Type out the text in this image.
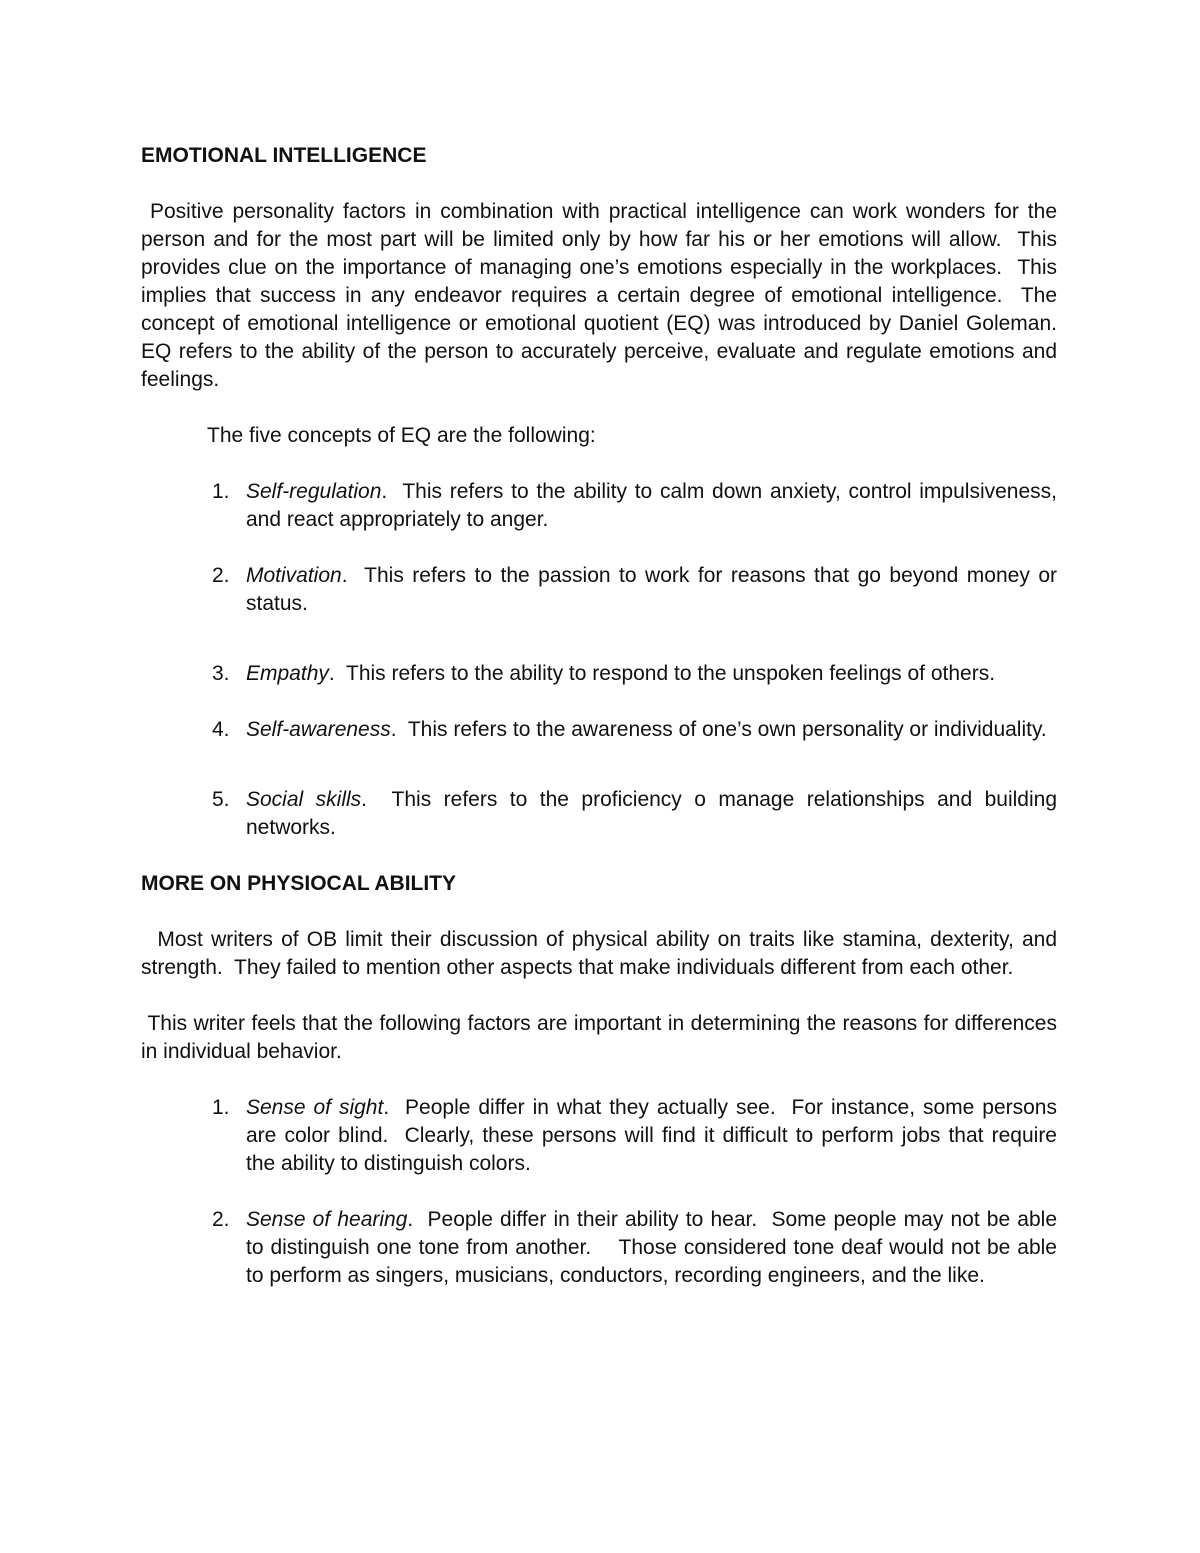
EMOTIONAL INTELLIGENCE

Positive personality factors in combination with practical intelligence can work wonders for the person and for the most part will be limited only by how far his or her emotions will allow.  This provides clue on the importance of managing one’s emotions especially in the workplaces.  This implies that success in any endeavor requires a certain degree of emotional intelligence.  The concept of emotional intelligence or emotional quotient (EQ) was introduced by Daniel Goleman.  EQ refers to the ability of the person to accurately perceive, evaluate and regulate emotions and feelings.

The five concepts of EQ are the following:

1. Self-regulation.  This refers to the ability to calm down anxiety, control impulsiveness, and react appropriately to anger.
2. Motivation.  This refers to the passion to work for reasons that go beyond money or status.
3. Empathy.  This refers to the ability to respond to the unspoken feelings of others.
4. Self-awareness.  This refers to the awareness of one’s own personality or individuality.
5. Social skills.  This refers to the proficiency o manage relationships and building networks.
MORE ON PHYSIOCAL ABILITY

Most writers of OB limit their discussion of physical ability on traits like stamina, dexterity, and strength.  They failed to mention other aspects that make individuals different from each other.

This writer feels that the following factors are important in determining the reasons for differences in individual behavior.

1. Sense of sight.  People differ in what they actually see.  For instance, some persons are color blind.  Clearly, these persons will find it difficult to perform jobs that require the ability to distinguish colors.
2. Sense of hearing.  People differ in their ability to hear.  Some people may not be able to distinguish one tone from another.    Those considered tone deaf would not be able to perform as singers, musicians, conductors, recording engineers, and the like.
